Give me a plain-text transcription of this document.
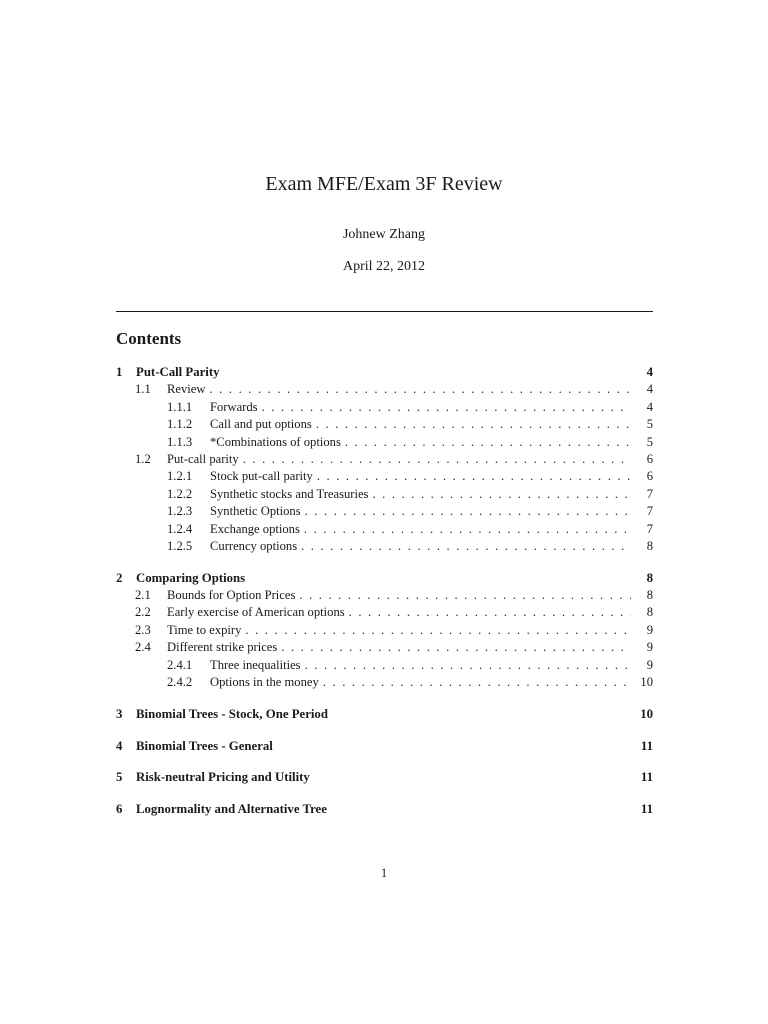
Exam MFE/Exam 3F Review
Johnew Zhang
April 22, 2012
Contents
1	Put-Call Parity	4
1.1	Review . . .	4
1.1.1	Forwards . . .	4
1.1.2	Call and put options . . .	5
1.1.3	*Combinations of options . . .	5
1.2	Put-call parity . . .	6
1.2.1	Stock put-call parity . . .	6
1.2.2	Synthetic stocks and Treasuries . . .	7
1.2.3	Synthetic Options . . .	7
1.2.4	Exchange options . . .	7
1.2.5	Currency options . . .	8
2	Comparing Options	8
2.1	Bounds for Option Prices . . .	8
2.2	Early exercise of American options . . .	8
2.3	Time to expiry . . .	9
2.4	Different strike prices . . .	9
2.4.1	Three inequalities . . .	9
2.4.2	Options in the money . . .	10
3	Binomial Trees - Stock, One Period	10
4	Binomial Trees - General	11
5	Risk-neutral Pricing and Utility	11
6	Lognormality and Alternative Tree	11
1
